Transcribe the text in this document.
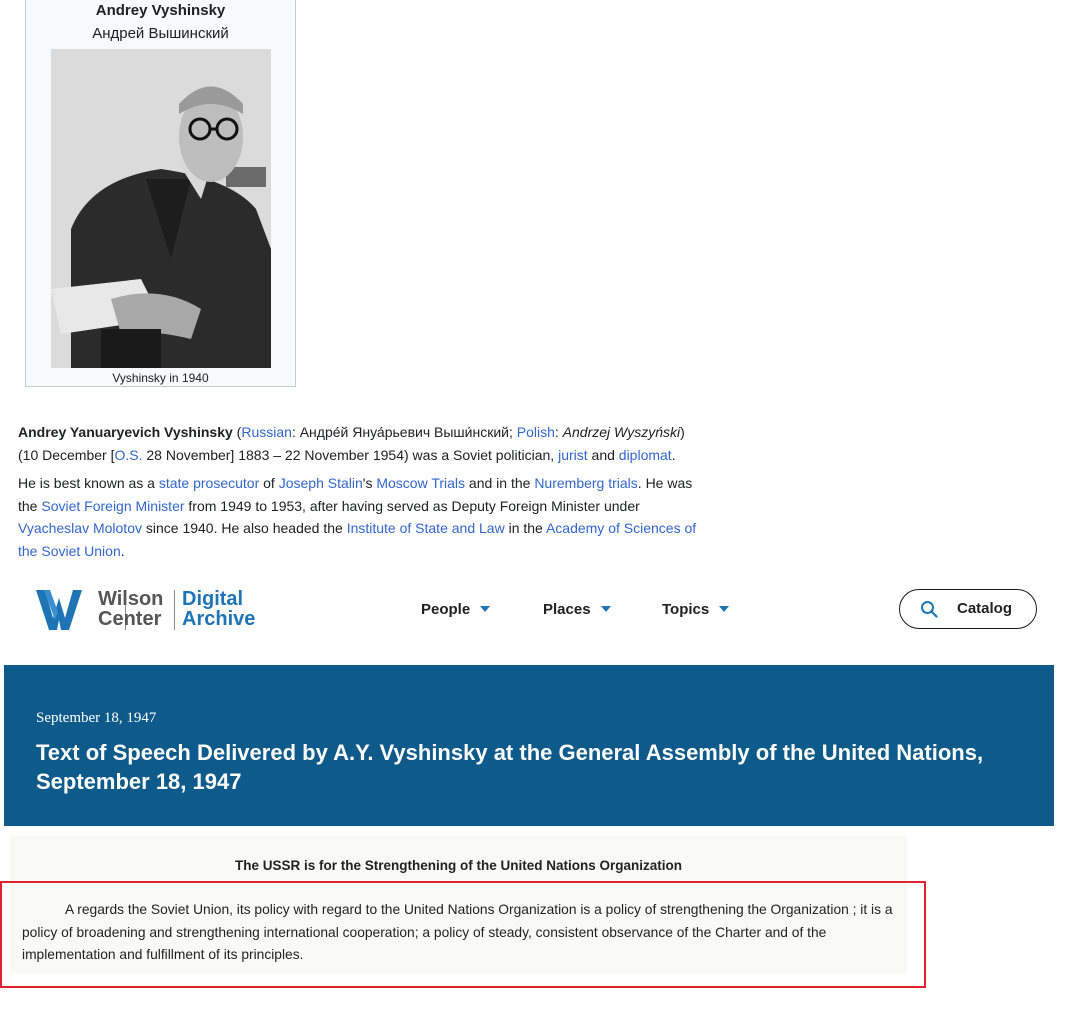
Andrey Vyshinsky
Андрей Вышинский
Vyshinsky in 1940

Andrey Yanuaryevich Vyshinsky (Russian: Андре́й Януа́рьевич Выши́нский; Polish: Andrzej Wyszyński) (10 December [O.S. 28 November] 1883 – 22 November 1954) was a Soviet politician, jurist and diplomat.

He is best known as a state prosecutor of Joseph Stalin's Moscow Trials and in the Nuremberg trials. He was the Soviet Foreign Minister from 1949 to 1953, after having served as Deputy Foreign Minister under Vyacheslav Molotov since 1940. He also headed the Institute of State and Law in the Academy of Sciences of the Soviet Union.

Wilson
Center
Digital
Archive	People	Places	Topics	Catalog
September 18, 1947
Text of Speech Delivered by A.Y. Vyshinsky at the General Assembly of the United Nations, September 18, 1947
The USSR is for the Strengthening of the United Nations Organization

A regards the Soviet Union, its policy with regard to the United Nations Organization is a policy of strengthening the Organization ; it is a policy of broadening and strengthening international cooperation; a policy of steady, consistent observance of the Charter and of the implementation and fulfillment of its principles.
